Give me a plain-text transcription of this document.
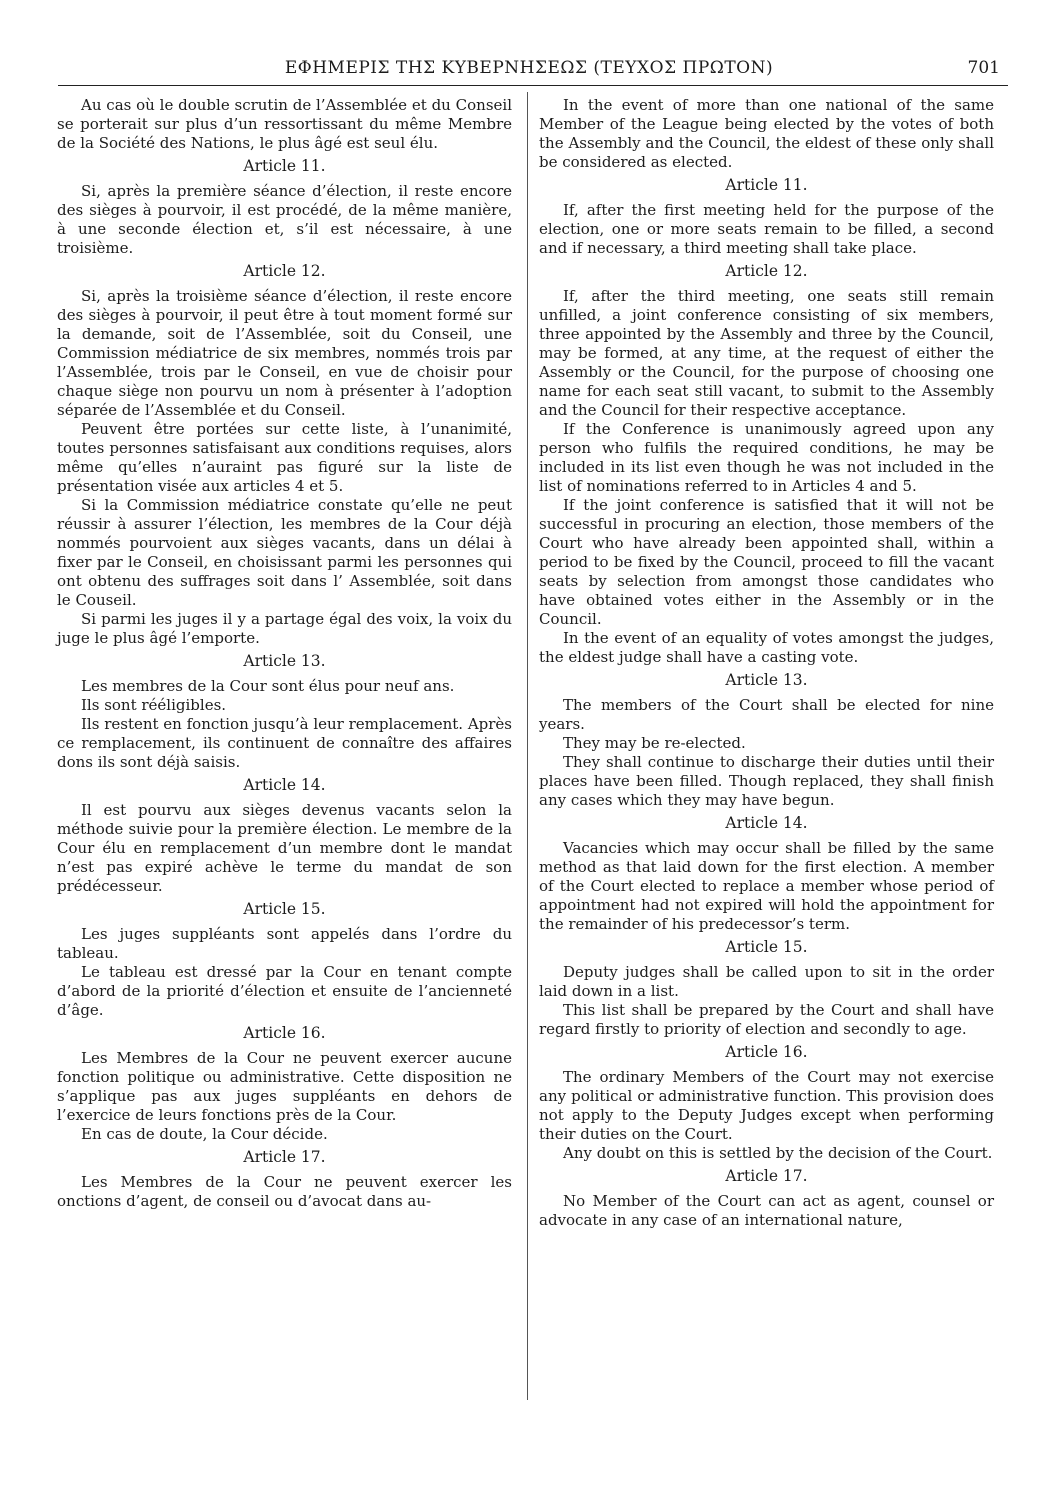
ΕΦΗΜΕΡΙΣ ΤΗΣ ΚΥΒΕΡΝΗΣΕΩΣ (ΤΕΥΧΟΣ ΠΡΩΤΟΝ)	701

Au cas où le double scrutin de l’Assemblée et du Conseil se porterait sur plus d’un ressortissant du même Membre de la Société des Nations, le plus âgé est seul élu.

Article 11.

Si, après la première séance d’élection, il reste encore des sièges à pourvoir, il est procédé, de la même manière, à une seconde élection et, s’il est nécessaire, à une troisième.

Article 12.

Si, après la troisième séance d’élection, il reste encore des sièges à pourvoir, il peut être à tout moment formé sur la demande, soit de l’Assemblée, soit du Conseil, une Commission médiatrice de six membres, nommés trois par l’Assemblée, trois par le Conseil, en vue de choisir pour chaque siège non pourvu un nom à présenter à l’adoption séparée de l’Assemblée et du Conseil.

Peuvent être portées sur cette liste, à l’unanimité, toutes personnes satisfaisant aux conditions requises, alors même qu’elles n’auraint pas figuré sur la liste de présentation visée aux articles 4 et 5.

Si la Commission médiatrice constate qu’elle ne peut réussir à assurer l’élection, les membres de la Cour déjà nommés pourvoient aux sièges vacants, dans un délai à fixer par le Conseil, en choisissant parmi les personnes qui ont obtenu des suffrages soit dans l’ Assemblée, soit dans le Couseil.

Si parmi les juges il y a partage égal des voix, la voix du juge le plus âgé l’emporte.

Article 13.

Les membres de la Cour sont élus pour neuf ans.

Ils sont rééligibles.

Ils restent en fonction jusqu’à leur remplacement. Après ce remplacement, ils continuent de connaître des affaires dons ils sont déjà saisis.

Article 14.

Il est pourvu aux sièges devenus vacants selon la méthode suivie pour la première élection. Le membre de la Cour élu en remplacement d’un membre dont le mandat n’est pas expiré achève le terme du mandat de son prédécesseur.

Article 15.

Les juges suppléants sont appelés dans l’ordre du tableau.

Le tableau est dressé par la Cour en tenant compte d’abord de la priorité d’élection et ensuite de l’ancienneté d’âge.

Article 16.

Les Membres de la Cour ne peuvent exercer aucune fonction politique ou administrative. Cette disposition ne s’applique pas aux juges suppléants en dehors de l’exercice de leurs fonctions près de la Cour.

En cas de doute, la Cour décide.

Article 17.

Les Membres de la Cour ne peuvent exercer les onctions d’agent, de conseil ou d’avocat dans au-

In the event of more than one national of the same Member of the League being elected by the votes of both the Assembly and the Council, the eldest of these only shall be considered as elected.

Article 11.

If, after the first meeting held for the purpose of the election, one or more seats remain to be filled, a second and if necessary, a third meeting shall take place.

Article 12.

If, after the third meeting, one seats still remain unfilled, a joint conference consisting of six members, three appointed by the Assembly and three by the Council, may be formed, at any time, at the request of either the Assembly or the Council, for the purpose of choosing one name for each seat still vacant, to submit to the Assembly and the Council for their respective acceptance.

If the Conference is unanimously agreed upon any person who fulfils the required conditions, he may be included in its list even though he was not included in the list of nominations referred to in Articles 4 and 5.

If the joint conference is satisfied that it will not be successful in procuring an election, those members of the Court who have already been appointed shall, within a period to be fixed by the Council, proceed to fill the vacant seats by selection from amongst those candidates who have obtained votes either in the Assembly or in the Council.

In the event of an equality of votes amongst the judges, the eldest judge shall have a casting vote.

Article 13.

The members of the Court shall be elected for nine years.

They may be re-elected.

They shall continue to discharge their duties until their places have been filled. Though replaced, they shall finish any cases which they may have begun.

Article 14.

Vacancies which may occur shall be filled by the same method as that laid down for the first election. A member of the Court elected to replace a member whose period of appointment had not expired will hold the appointment for the remainder of his predecessor’s term.

Article 15.

Deputy judges shall be called upon to sit in the order laid down in a list.

This list shall be prepared by the Court and shall have regard firstly to priority of election and secondly to age.

Article 16.

The ordinary Members of the Court may not exercise any political or administrative function. This provision does not apply to the Deputy Judges except when performing their duties on the Court.

Any doubt on this is settled by the decision of the Court.

Article 17.

No Member of the Court can act as agent, counsel or advocate in any case of an international nature,
